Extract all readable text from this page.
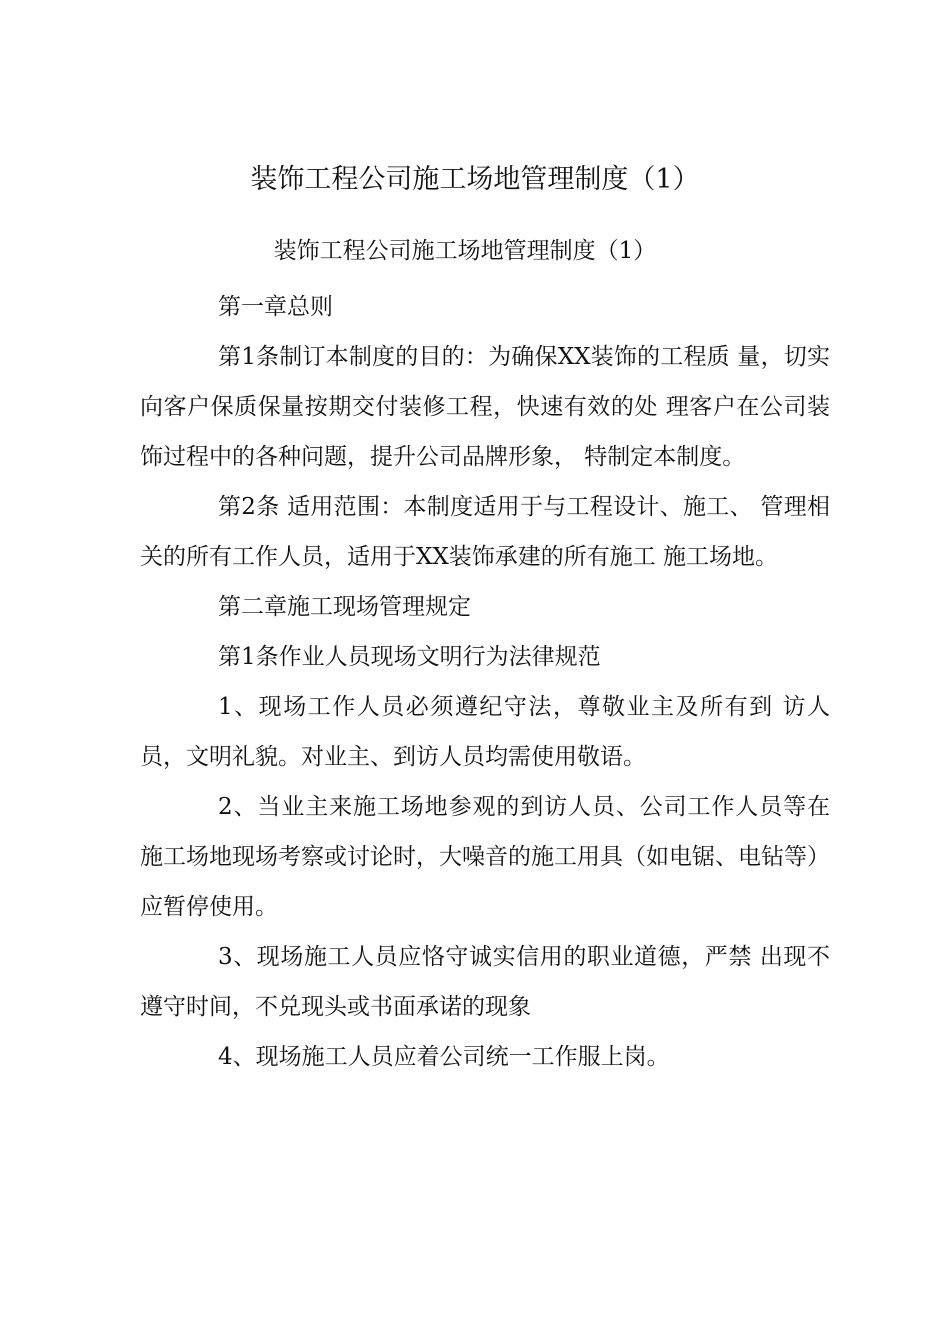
装饰工程公司施工场地管理制度（1）
装饰工程公司施工场地管理制度（1）

第一章总则

第1条制订本制度的目的：为确保XX装饰的工程质 量，切实向客户保质保量按期交付装修工程，快速有效的处 理客户在公司装饰过程中的各种问题，提升公司品牌形象， 特制定本制度。

第2条 适用范围：本制度适用于与工程设计、施工、 管理相关的所有工作人员，适用于XX装饰承建的所有施工 施工场地。

第二章施工现场管理规定

第1条作业人员现场文明行为法律规范

1、现场工作人员必须遵纪守法，尊敬业主及所有到 访人员，文明礼貌。对业主、到访人员均需使用敬语。

2、当业主来施工场地参观的到访人员、公司工作人员等在施工场地现场考察或讨论时，大噪音的施工用具（如电锯、电钻等）应暂停使用。

3、现场施工人员应恪守诚实信用的职业道德，严禁 出现不遵守时间，不兑现头或书面承诺的现象

4、现场施工人员应着公司统一工作服上岗。
